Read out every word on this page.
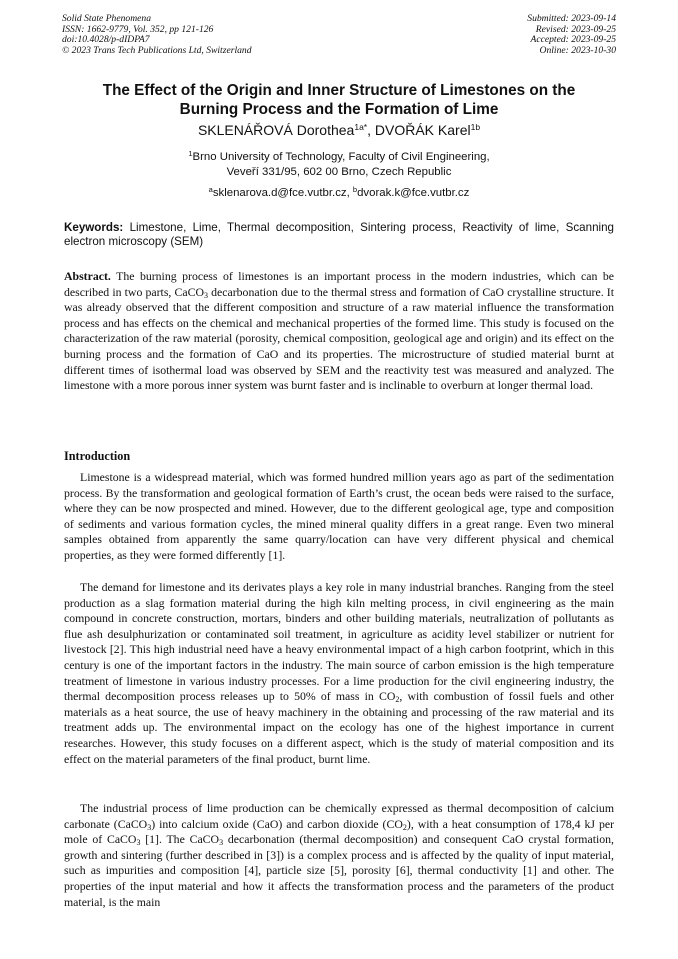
Solid State Phenomena
ISSN: 1662-9779, Vol. 352, pp 121-126
doi:10.4028/p-dIDPA7
© 2023 Trans Tech Publications Ltd, Switzerland
Submitted: 2023-09-14
Revised: 2023-09-25
Accepted: 2023-09-25
Online: 2023-10-30
The Effect of the Origin and Inner Structure of Limestones on the
Burning Process and the Formation of Lime
SKLENÁŘOVÁ Dorothea$^{1a*}$, DVOŘÁK Karel$^{1b}$
$^1$Brno University of Technology, Faculty of Civil Engineering,
Veveří 331/95, 602 00 Brno, Czech Republic
$^a$sklenarova.d@fce.vutbr.cz, $^b$dvorak.k@fce.vutbr.cz
Keywords: Limestone, Lime, Thermal decomposition, Sintering process, Reactivity of lime, Scanning electron microscopy (SEM)

Abstract. The burning process of limestones is an important process in the modern industries, which can be described in two parts, CaCO$_3$ decarbonation due to the thermal stress and formation of CaO crystalline structure. It was already observed that the different composition and structure of a raw material influence the transformation process and has effects on the chemical and mechanical properties of the formed lime. This study is focused on the characterization of the raw material (porosity, chemical composition, geological age and origin) and its effect on the burning process and the formation of CaO and its properties. The microstructure of studied material burnt at different times of isothermal load was observed by SEM and the reactivity test was measured and analyzed. The limestone with a more porous inner system was burnt faster and is inclinable to overburn at longer thermal load.

Introduction

Limestone is a widespread material, which was formed hundred million years ago as part of the sedimentation process. By the transformation and geological formation of Earth’s crust, the ocean beds were raised to the surface, where they can be now prospected and mined. However, due to the different geological age, type and composition of sediments and various formation cycles, the mined mineral quality differs in a great range. Even two mineral samples obtained from apparently the same quarry/location can have very different physical and chemical properties, as they were formed differently [1].

The demand for limestone and its derivates plays a key role in many industrial branches. Ranging from the steel production as a slag formation material during the high kiln melting process, in civil engineering as the main compound in concrete construction, mortars, binders and other building materials, neutralization of pollutants as flue ash desulphurization or contaminated soil treatment, in agriculture as acidity level stabilizer or nutrient for livestock [2]. This high industrial need have a heavy environmental impact of a high carbon footprint, which in this century is one of the important factors in the industry. The main source of carbon emission is the high temperature treatment of limestone in various industry processes. For a lime production for the civil engineering industry, the thermal decomposition process releases up to 50% of mass in $CO_2$, with combustion of fossil fuels and other materials as a heat source, the use of heavy machinery in the obtaining and processing of the raw material and its treatment adds up. The environmental impact on the ecology has one of the highest importance in current researches. However, this study focuses on a different aspect, which is the study of material composition and its effect on the material parameters of the final product, burnt lime.

The industrial process of lime production can be chemically expressed as thermal decomposition of calcium carbonate (CaCO$_3$) into calcium oxide (CaO) and carbon dioxide $(CO_2)$, with a heat consumption of 178,4 kJ per mole of CaCO$_3$ [1]. The CaCO$_3$ decarbonation (thermal decomposition) and consequent CaO crystal formation, growth and sintering (further described in [3]) is a complex process and is affected by the quality of input material, such as impurities and composition [4], particle size [5], porosity [6], thermal conductivity [1] and other. The properties of the input material and how it affects the transformation process and the parameters of the product material, is the main
